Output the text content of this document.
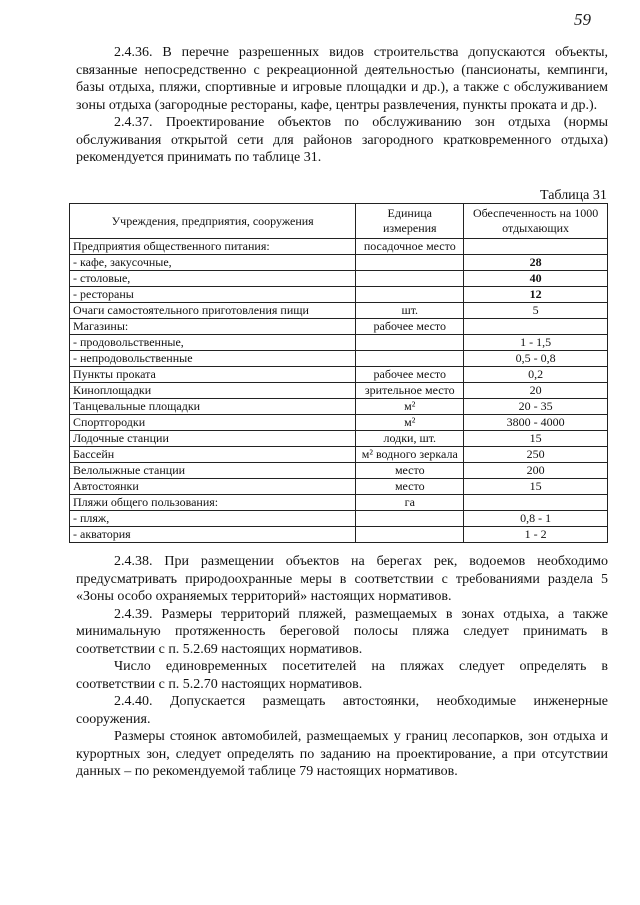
59

2.4.36. В перечне разрешенных видов строительства допускаются объекты, связанные непосредственно с рекреационной деятельностью (пансионаты, кемпинги, базы отдыха, пляжи, спортивные и игровые площадки и др.), а также с обслуживанием зоны отдыха (загородные рестораны, кафе, центры развлечения, пункты проката и др.).

2.4.37. Проектирование объектов по обслуживанию зон отдыха (нормы обслуживания открытой сети для районов загородного кратковременного отдыха) рекомендуется принимать по таблице 31.

Таблица 31
Учреждения, предприятия, сооружения	Единица измерения	Обеспеченность на 1000 отдыхающих
Предприятия общественного питания:	посадочное место	
- кафе, закусочные,		28
- столовые,		40
- рестораны		12
Очаги самостоятельного приготовления пищи	шт.	5
Магазины:	рабочее место	
- продовольственные,		1 - 1,5
- непродовольственные		0,5 - 0,8
Пункты проката	рабочее место	0,2
Киноплощадки	зрительное место	20
Танцевальные площадки	м²	20 - 35
Спортгородки	м²	3800 - 4000
Лодочные станции	лодки, шт.	15
Бассейн	м² водного зеркала	250
Велолыжные станции	место	200
Автостоянки	место	15
Пляжи общего пользования:	га	
- пляж,		0,8 - 1
- акватория		1 - 2

2.4.38. При размещении объектов на берегах рек, водоемов необходимо предусматривать природоохранные меры в соответствии с требованиями раздела 5 «Зоны особо охраняемых территорий» настоящих нормативов.

2.4.39. Размеры территорий пляжей, размещаемых в зонах отдыха, а также минимальную протяженность береговой полосы пляжа следует принимать в соответствии с п. 5.2.69 настоящих нормативов.

Число единовременных посетителей на пляжах следует определять в соответствии с п. 5.2.70 настоящих нормативов.

2.4.40. Допускается размещать автостоянки, необходимые инженерные сооружения.

Размеры стоянок автомобилей, размещаемых у границ лесопарков, зон отдыха и курортных зон, следует определять по заданию на проектирование, а при отсутствии данных – по рекомендуемой таблице 79 настоящих нормативов.
